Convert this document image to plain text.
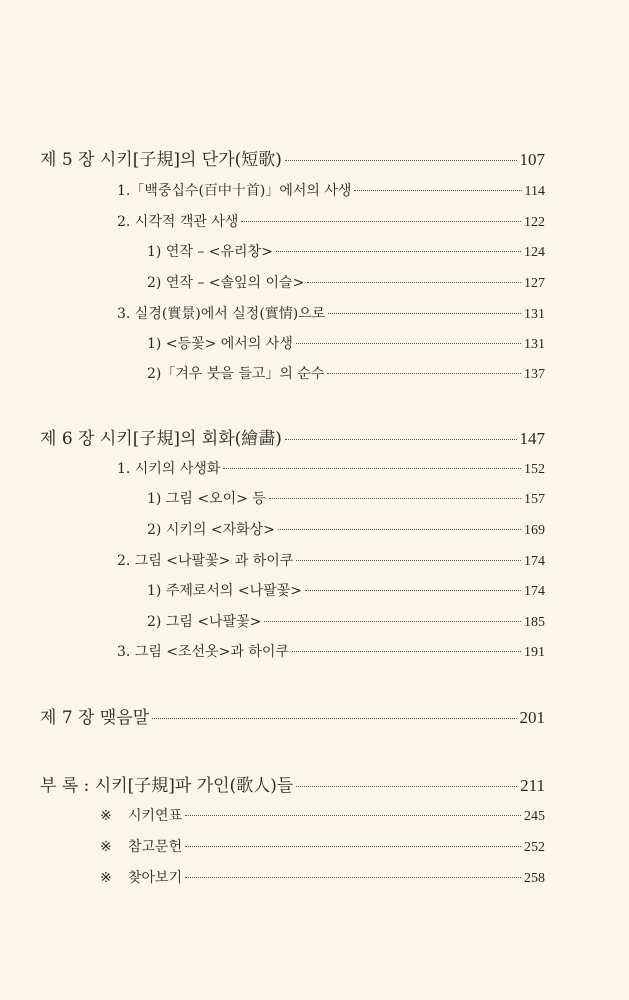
제 5 장 시키[子規]의 단가(短歌)	107
1.「백중십수(百中十首)」에서의 사생	114
2. 시각적 객관 사생	122
1) 연작 – <유리창>	124
2) 연작 – <솔잎의 이슬>	127
3. 실경(實景)에서 실정(實情)으로	131
1) <등꽃> 에서의 사생	131
2)「겨우 붓을 들고」의 순수	137
제 6 장 시키[子規]의 회화(繪畵)	147
1. 시키의 사생화	152
1) 그림 <오이> 등	157
2) 시키의 <자화상>	169
2. 그림 <나팔꽃> 과 하이쿠	174
1) 주제로서의 <나팔꽃>	174
2) 그림 <나팔꽃>	185
3. 그림 <조선옷>과 하이쿠	191
제 7 장 맺음말	201
부 록 : 시키[子規]파 가인(歌人)들	211
※	시키연표	245
※	참고문헌	252
※	찾아보기	258
